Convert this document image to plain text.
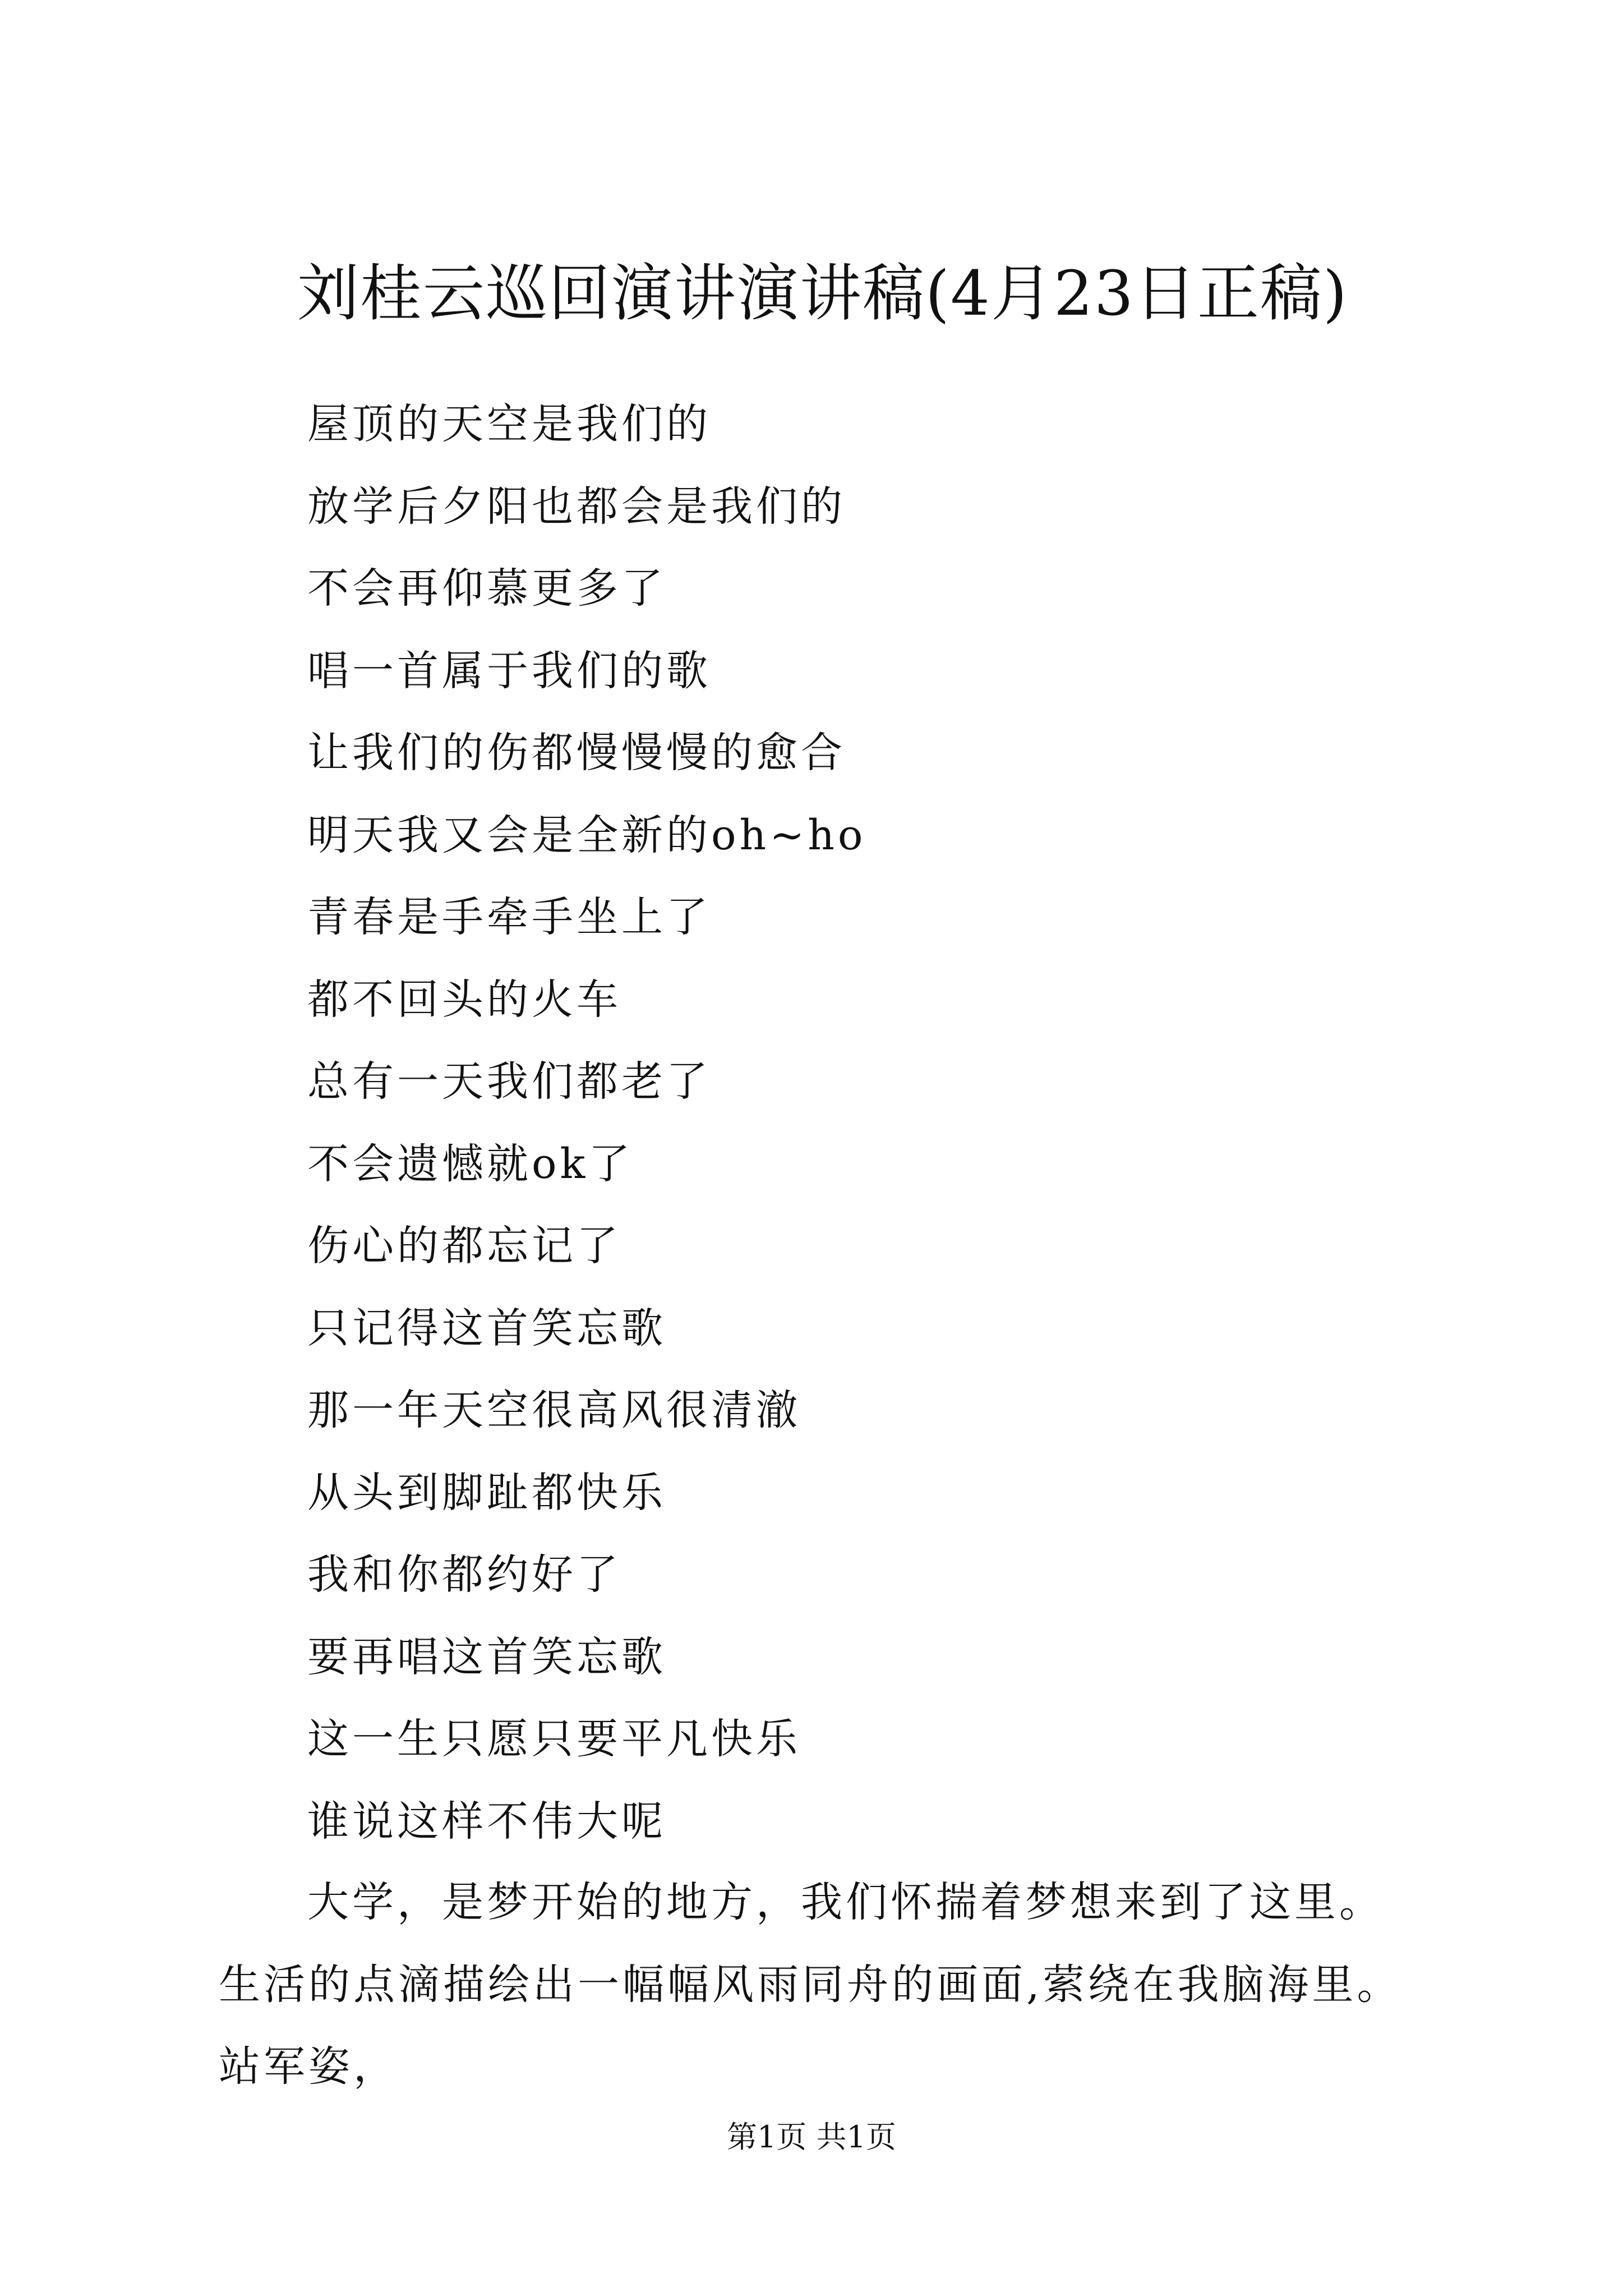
刘桂云巡回演讲演讲稿(4月23日正稿)
屋顶的天空是我们的
放学后夕阳也都会是我们的
不会再仰慕更多了
唱一首属于我们的歌
让我们的伤都慢慢慢的愈合
明天我又会是全新的oh~ho
青春是手牵手坐上了
都不回头的火车
总有一天我们都老了
不会遗憾就ok了
伤心的都忘记了
只记得这首笑忘歌
那一年天空很高风很清澈
从头到脚趾都快乐
我和你都约好了
要再唱这首笑忘歌
这一生只愿只要平凡快乐
谁说这样不伟大呢

大学，是梦开始的地方，我们怀揣着梦想来到了这里。生活的点滴描绘出一幅幅风雨同舟的画面,萦绕在我脑海里。站军姿，

第1页 共1页
